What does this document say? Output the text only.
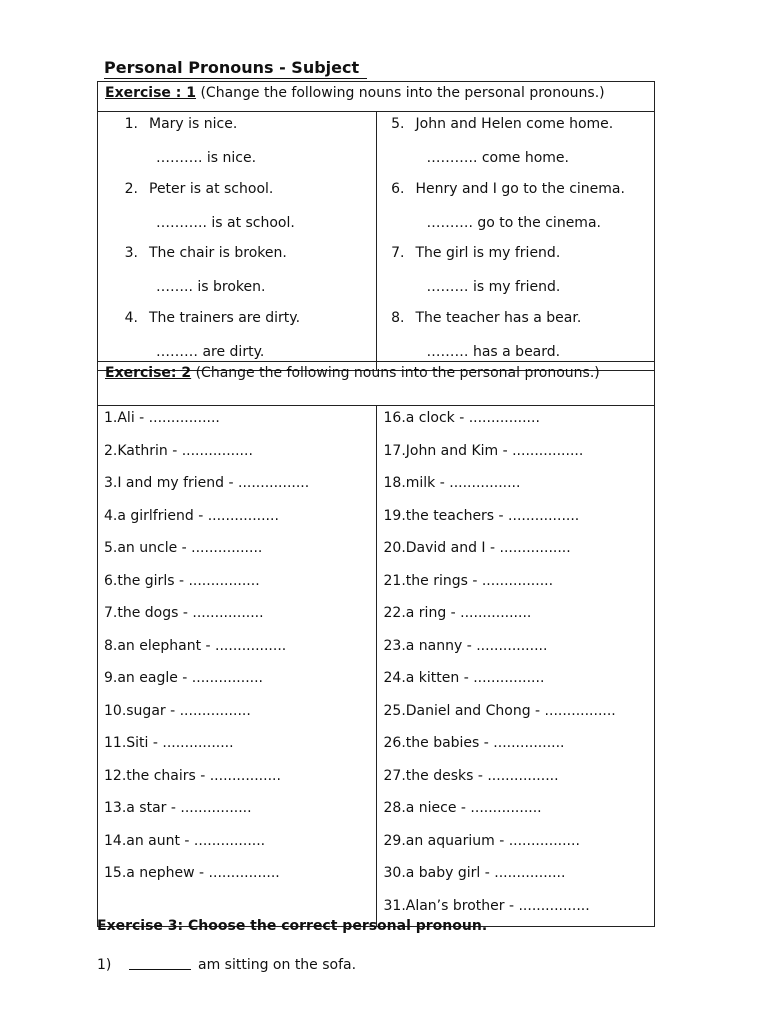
Personal Pronouns - Subject
Exercise : 1 (Change the following nouns into the personal pronouns.)

1. Mary is nice.
………. is nice.
2. Peter is at school.
……….. is at school.
3. The chair is broken.
…….. is broken.
4. The trainers are dirty.
……… are dirty.

5. John and Helen come home.
……….. come home.
6. Henry and I go to the cinema.
………. go to the cinema.
7. The girl is my friend.
……… is my friend.
8. The teacher has a bear.
……… has a beard.
Exercise: 2 (Change the following nouns into the personal pronouns.)

1.Ali - ................
2.Kathrin - ................
3.I and my friend - ................
4.a girlfriend - ................
5.an uncle - ................
6.the girls - ................
7.the dogs - ................
8.an elephant - ................
9.an eagle - ................
10.sugar - ................
11.Siti - ................
12.the chairs - ................
13.a star - ................
14.an aunt - ................
15.a nephew - ................

16.a clock - ................
17.John and Kim - ................
18.milk - ................
19.the teachers - ................
20.David and I - ................
21.the rings - ................
22.a ring - ................
23.a nanny - ................
24.a kitten - ................
25.Daniel and Chong - ................
26.the babies - ................
27.the desks - ................
28.a niece - ................
29.an aquarium - ................
30.a baby girl - ................
31.Alan’s brother - ................
Exercise 3: Choose the correct personal pronoun.
1)	am sitting on the sofa.
